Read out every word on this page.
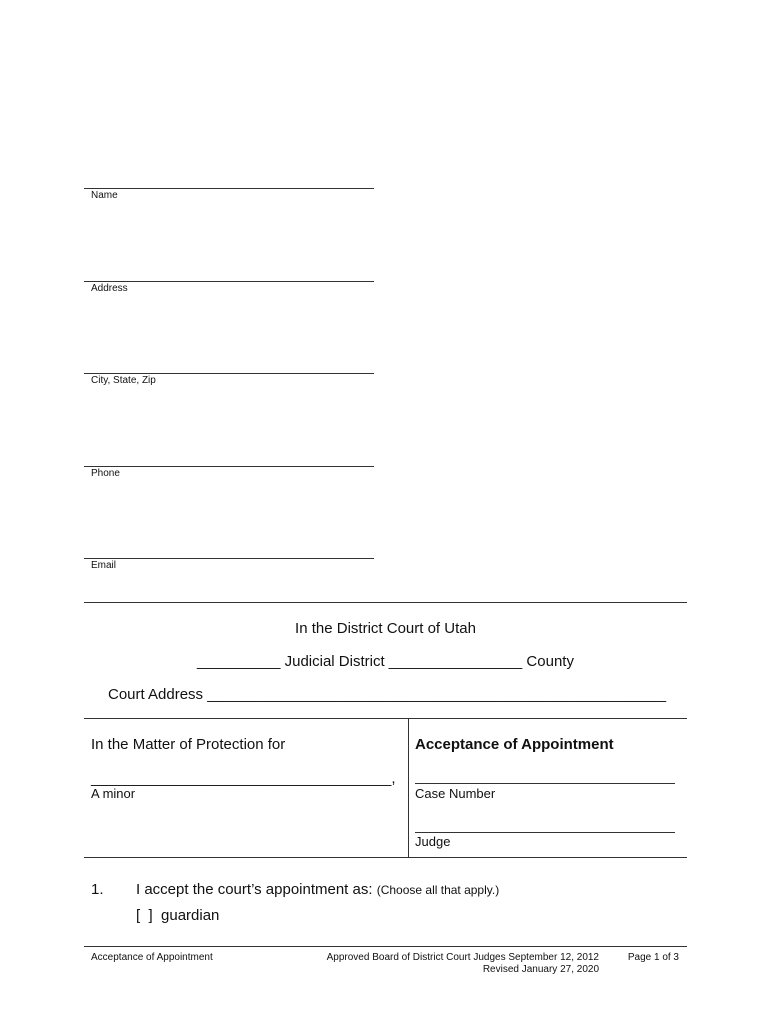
Name
Address
City, State, Zip
Phone
Email
In the District Court of Utah
__________ Judicial District ________________ County
Court Address _______________________________________________________
In the Matter of Protection for
____________________________________,
A minor
Acceptance of Appointment
Case Number
Judge
1. I accept the court’s appointment as: (Choose all that apply.)
[  ]  guardian
Acceptance of Appointment	Approved Board of District Court Judges September 12, 2012
Revised January 27, 2020
Page 1 of 3
